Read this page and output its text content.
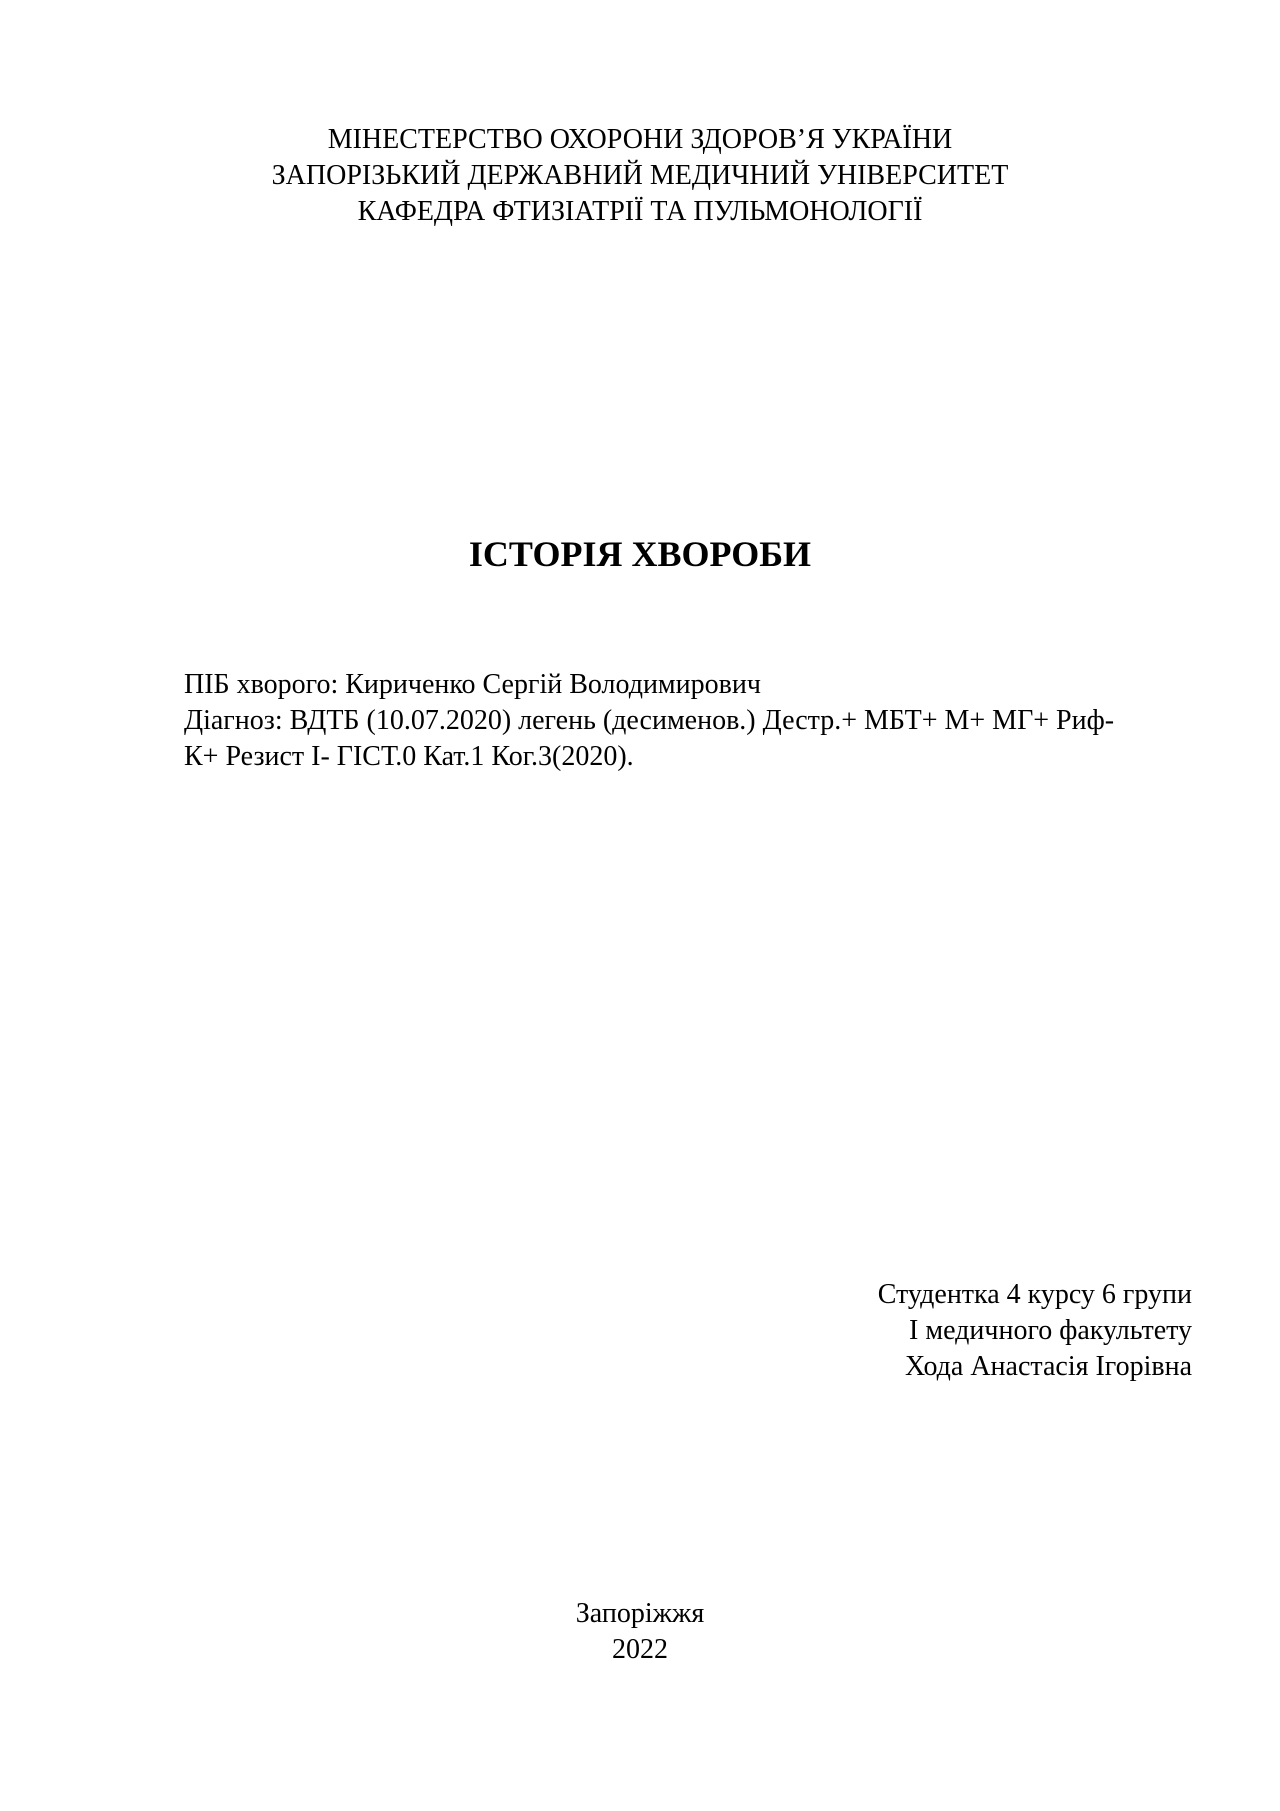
МІНЕСТЕРСТВО ОХОРОНИ ЗДОРОВ’Я УКРАЇНИ
ЗАПОРІЗЬКИЙ ДЕРЖАВНИЙ МЕДИЧНИЙ УНІВЕРСИТЕТ
КАФЕДРА ФТИЗІАТРІЇ ТА ПУЛЬМОНОЛОГІЇ
ІСТОРІЯ ХВОРОБИ
ПІБ хворого: Кириченко Сергій Володимирович
Діагноз: ВДТБ (10.07.2020) легень (десименов.) Дестр.+ МБТ+ М+ МГ+ Риф-
К+ Резист І- ГІСТ.0 Кат.1 Ког.3(2020).
Студентка 4 курсу 6 групи
І медичного факультету
Хода Анастасія Ігорівна
Запоріжжя
2022
